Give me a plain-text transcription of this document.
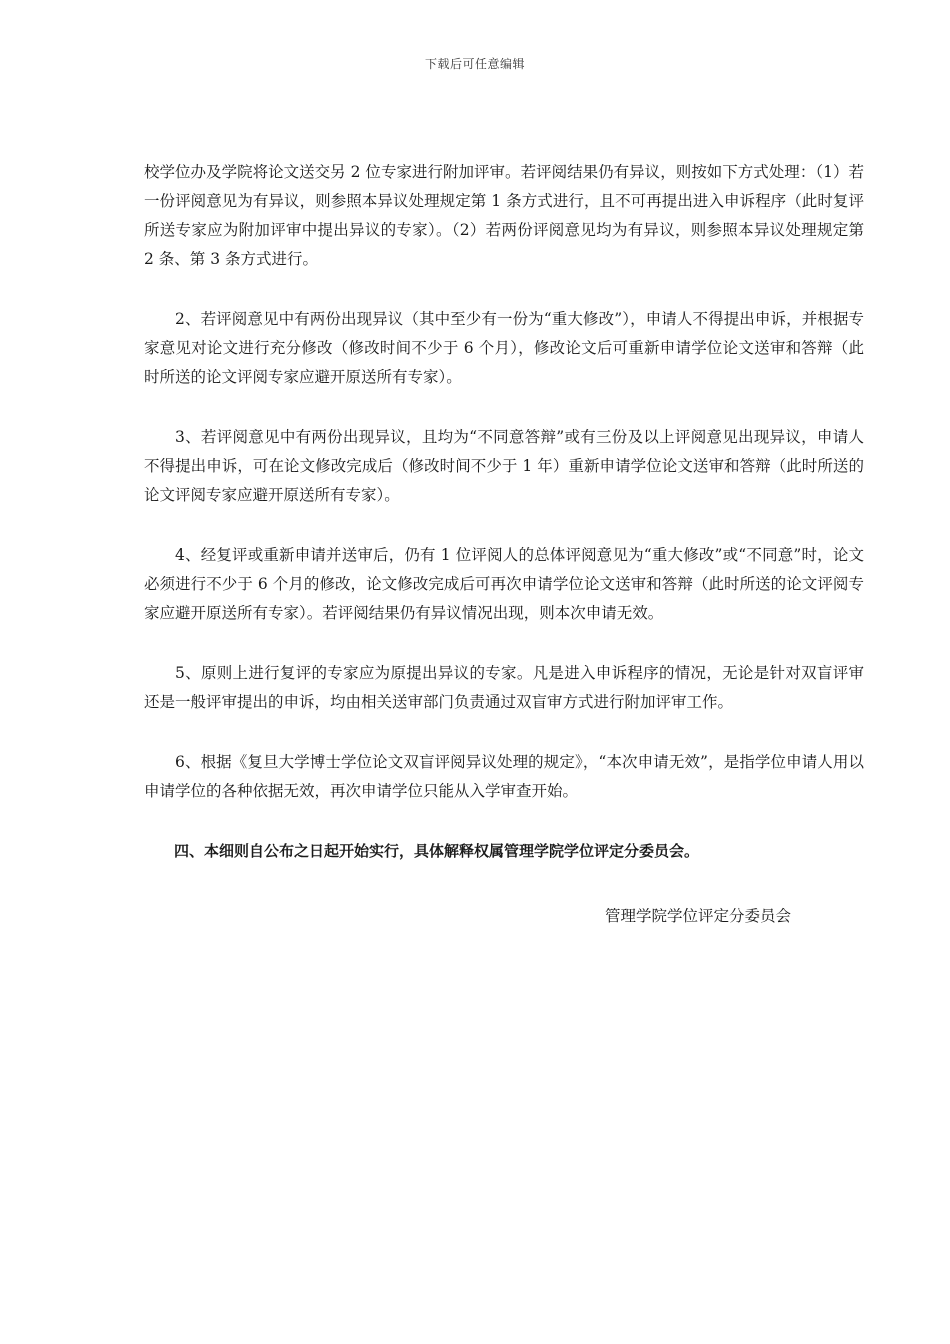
下载后可任意编辑

校学位办及学院将论文送交另 2 位专家进行附加评审。若评阅结果仍有异议，则按如下方式处理：（1）若一份评阅意见为有异议，则参照本异议处理规定第 1 条方式进行，且不可再提出进入申诉程序（此时复评所送专家应为附加评审中提出异议的专家）。（2）若两份评阅意见均为有异议，则参照本异议处理规定第 2 条、第 3 条方式进行。

2、若评阅意见中有两份出现异议（其中至少有一份为“重大修改”），申请人不得提出申诉，并根据专家意见对论文进行充分修改（修改时间不少于 6 个月），修改论文后可重新申请学位论文送审和答辩（此时所送的论文评阅专家应避开原送所有专家）。

3、若评阅意见中有两份出现异议，且均为“不同意答辩”或有三份及以上评阅意见出现异议，申请人不得提出申诉，可在论文修改完成后（修改时间不少于 1 年）重新申请学位论文送审和答辩（此时所送的论文评阅专家应避开原送所有专家）。

4、经复评或重新申请并送审后，仍有 1 位评阅人的总体评阅意见为“重大修改”或“不同意”时，论文必须进行不少于 6 个月的修改，论文修改完成后可再次申请学位论文送审和答辩（此时所送的论文评阅专家应避开原送所有专家）。若评阅结果仍有异议情况出现，则本次申请无效。

5、原则上进行复评的专家应为原提出异议的专家。凡是进入申诉程序的情况，无论是针对双盲评审还是一般评审提出的申诉，均由相关送审部门负责通过双盲审方式进行附加评审工作。

6、根据《复旦大学博士学位论文双盲评阅异议处理的规定》，“本次申请无效”，是指学位申请人用以申请学位的各种依据无效，再次申请学位只能从入学审查开始。

四、本细则自公布之日起开始实行，具体解释权属管理学院学位评定分委员会。

管理学院学位评定分委员会
